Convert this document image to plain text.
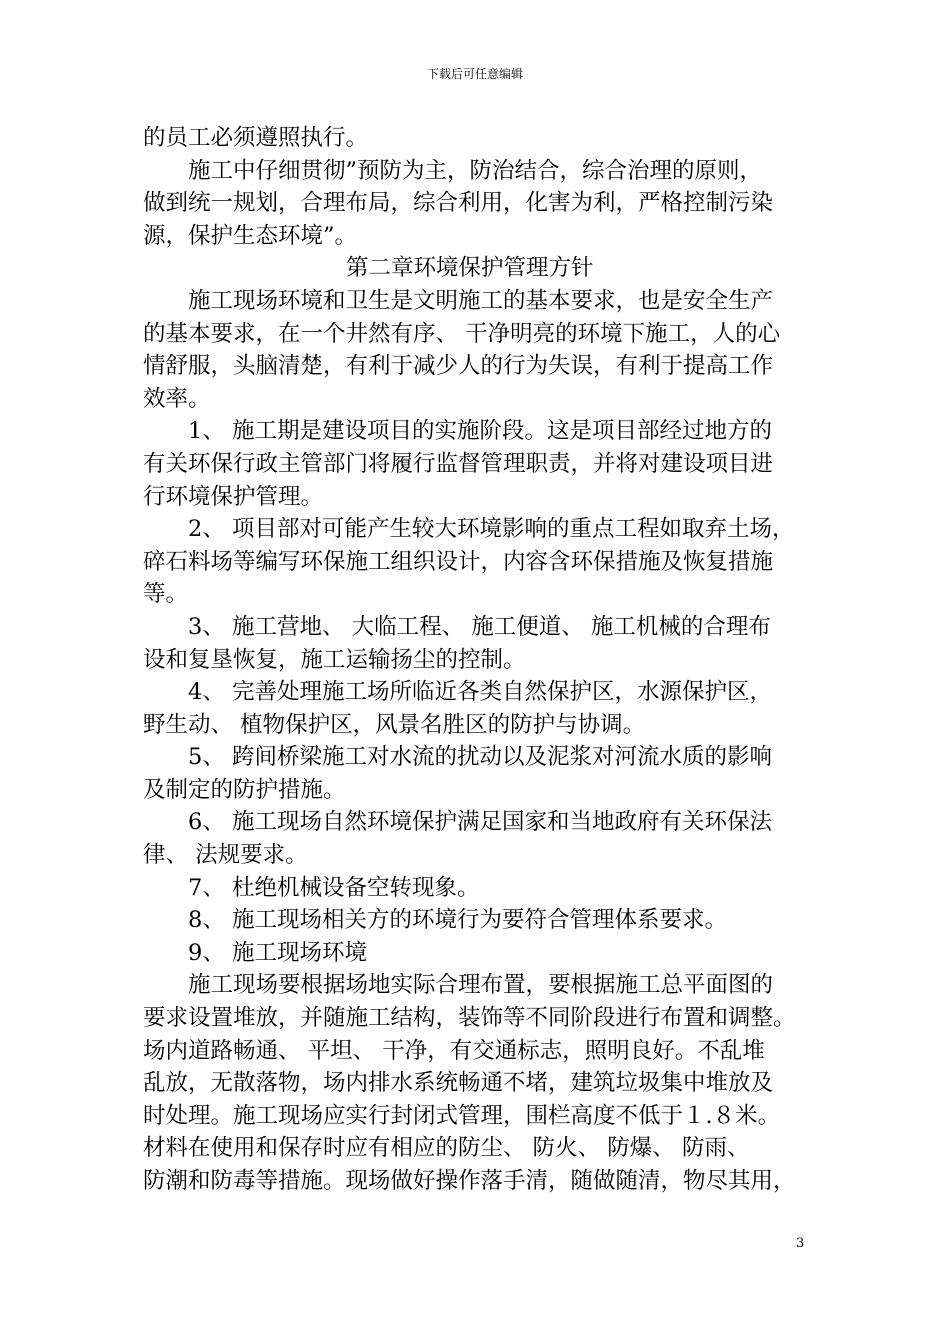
下载后可任意编辑
的员工必须遵照执行。
施工中仔细贯彻”预防为主，防治结合，综合治理的原则，
做到统一规划，合理布局，综合利用，化害为利，严格控制污染
源，保护生态环境”。
第二章环境保护管理方针
施工现场环境和卫生是文明施工的基本要求，也是安全生产
的基本要求，在一个井然有序、 干净明亮的环境下施工，人的心
情舒服，头脑清楚，有利于减少人的行为失误，有利于提高工作
效率。
1、 施工期是建设项目的实施阶段。这是项目部经过地方的
有关环保行政主管部门将履行监督管理职责，并将对建设项目进
行环境保护管理。
2、 项目部对可能产生较大环境影响的重点工程如取弃土场，
碎石料场等编写环保施工组织设计，内容含环保措施及恢复措施
等。
3、 施工营地、 大临工程、 施工便道、 施工机械的合理布
设和复垦恢复，施工运输扬尘的控制。
4、 完善处理施工场所临近各类自然保护区，水源保护区，
野生动、 植物保护区，风景名胜区的防护与协调。
5、 跨间桥梁施工对水流的扰动以及泥浆对河流水质的影响
及制定的防护措施。
6、 施工现场自然环境保护满足国家和当地政府有关环保法
律、 法规要求。
7、 杜绝机械设备空转现象。
8、 施工现场相关方的环境行为要符合管理体系要求。
9、 施工现场环境
施工现场要根据场地实际合理布置，要根据施工总平面图的
要求设置堆放，并随施工结构，装饰等不同阶段进行布置和调整。
场内道路畅通、 平坦、 干净，有交通标志，照明良好。不乱堆
乱放，无散落物，场内排水系统畅通不堵，建筑垃圾集中堆放及
时处理。施工现场应实行封闭式管理，围栏高度不低于１.８米。
材料在使用和保存时应有相应的防尘、 防火、 防爆、 防雨、
防潮和防毒等措施。现场做好操作落手清，随做随清，物尽其用，
3
